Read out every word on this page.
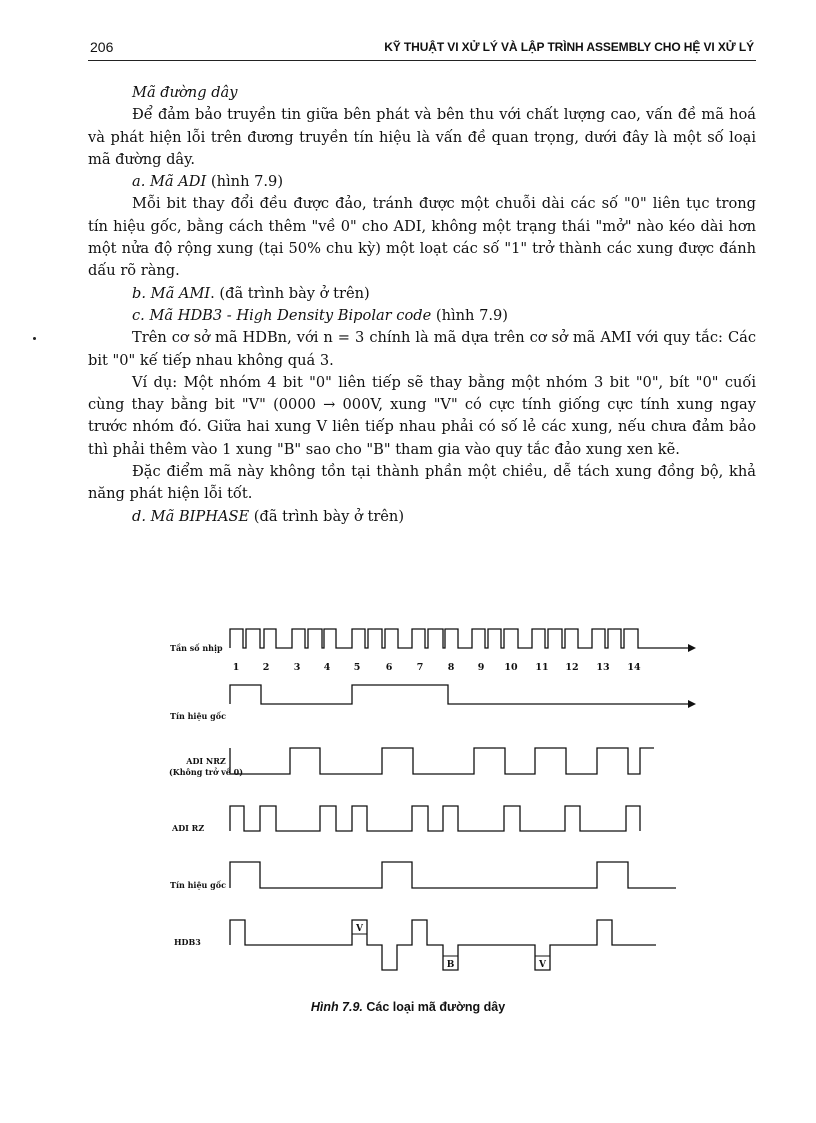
206	KỸ THUẬT VI XỬ LÝ VÀ LẬP TRÌNH ASSEMBLY CHO HỆ VI XỬ LÝ

Mã đường dây

Để đảm bảo truyền tin giữa bên phát và bên thu với chất lượng cao, vấn đề mã hoá và phát hiện lỗi trên đương truyền tín hiệu là vấn đề quan trọng, dưới đây là một số loại mã đường dây.

a. Mã ADI (hình 7.9)

Mỗi bit thay đổi đều được đảo, tránh được một chuỗi dài các số "0" liên tục trong tín hiệu gốc, bằng cách thêm "về 0" cho ADI, không một trạng thái "mở" nào kéo dài hơn một nửa độ rộng xung (tại 50% chu kỳ) một loạt các số "1" trở thành các xung được đánh dấu rõ ràng.

b. Mã AMI. (đã trình bày ở trên)

c. Mã HDB3 - High Density Bipolar code (hình 7.9)

Trên cơ sở mã HDBn, với n = 3 chính là mã dựa trên cơ sở mã AMI với quy tắc: Các bit "0" kế tiếp nhau không quá 3.

Ví dụ: Một nhóm 4 bit "0" liên tiếp sẽ thay bằng một nhóm 3 bit "0", bít "0" cuối cùng thay bằng bit "V" (0000 → 000V, xung "V" có cực tính giống cực tính xung ngay trước nhóm đó. Giữa hai xung V liên tiếp nhau phải có số lẻ các xung, nếu chưa đảm bảo thì phải thêm vào 1 xung "B" sao cho "B" tham gia vào quy tắc đảo xung xen kẽ.

Đặc điểm mã này không tồn tại thành phần một chiều, dễ tách xung đồng bộ, khả năng phát hiện lỗi tốt.

d. Mã BIPHASE (đã trình bày ở trên)

V
B	V
1 2	3 4 5	6	7	8 9 10 11 12 13 14
Tần số nhịp
Tín hiệu gốc
ADI NRZ
(Không trở về 0)
ADI RZ
Tín hiệu gốc
HDB3
Hình 7.9. Các loại mã đường dây
